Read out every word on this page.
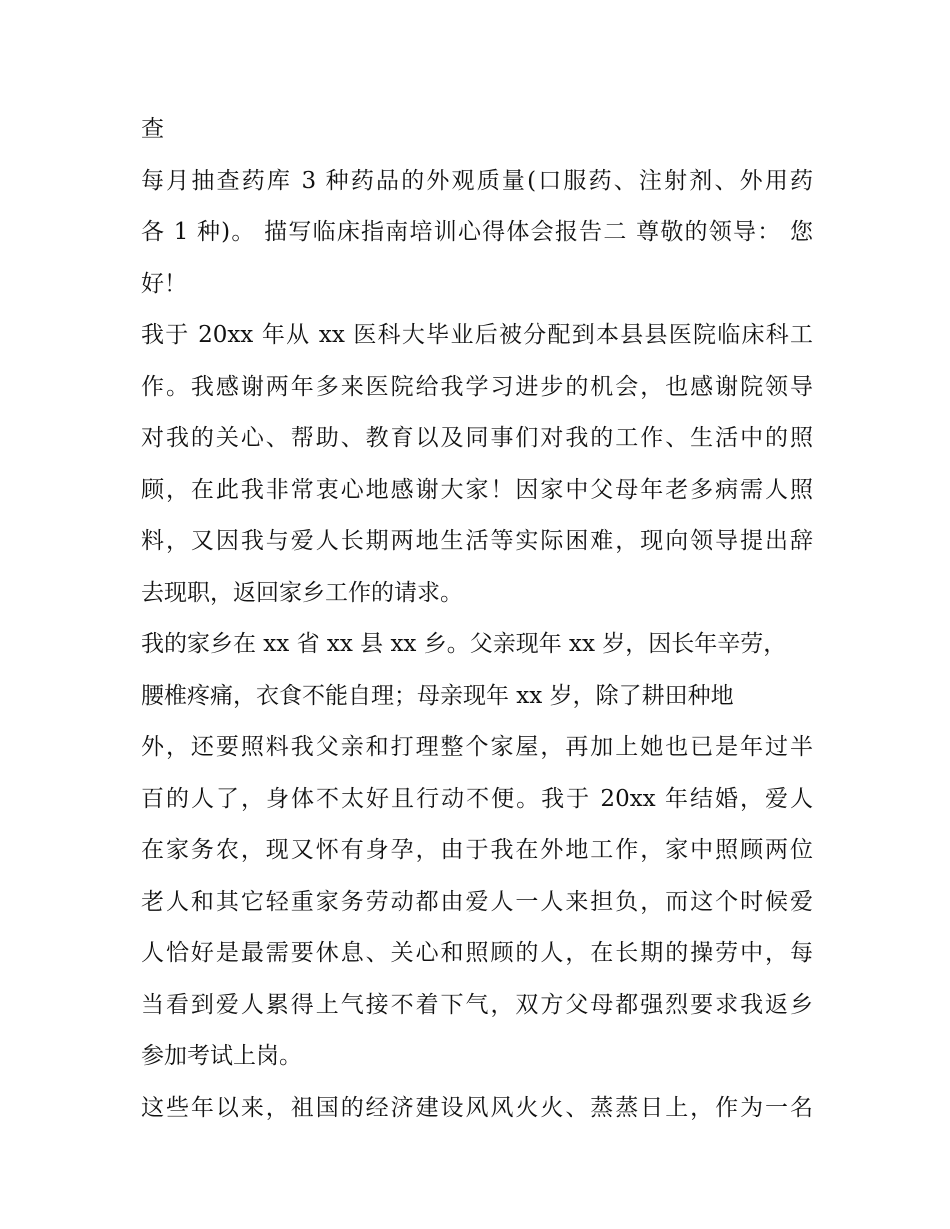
查
每月抽查药库 3 种药品的外观质量(口服药、注射剂、外用药
各 1 种)。 描写临床指南培训心得体会报告二 尊敬的领导： 您
好！
我于 20xx 年从 xx 医科大毕业后被分配到本县县医院临床科工
作。我感谢两年多来医院给我学习进步的机会，也感谢院领导
对我的关心、帮助、教育以及同事们对我的工作、生活中的照
顾，在此我非常衷心地感谢大家！因家中父母年老多病需人照
料，又因我与爱人长期两地生活等实际困难，现向领导提出辞
去现职，返回家乡工作的请求。
我的家乡在 xx 省 xx 县 xx 乡。父亲现年 xx 岁，因长年辛劳，
腰椎疼痛，衣食不能自理；母亲现年 xx 岁，除了耕田种地
外，还要照料我父亲和打理整个家屋，再加上她也已是年过半
百的人了，身体不太好且行动不便。我于 20xx 年结婚，爱人
在家务农，现又怀有身孕，由于我在外地工作，家中照顾两位
老人和其它轻重家务劳动都由爱人一人来担负，而这个时候爱
人恰好是最需要休息、关心和照顾的人，在长期的操劳中，每
当看到爱人累得上气接不着下气，双方父母都强烈要求我返乡
参加考试上岗。
这些年以来，祖国的经济建设风风火火、蒸蒸日上，作为一名
